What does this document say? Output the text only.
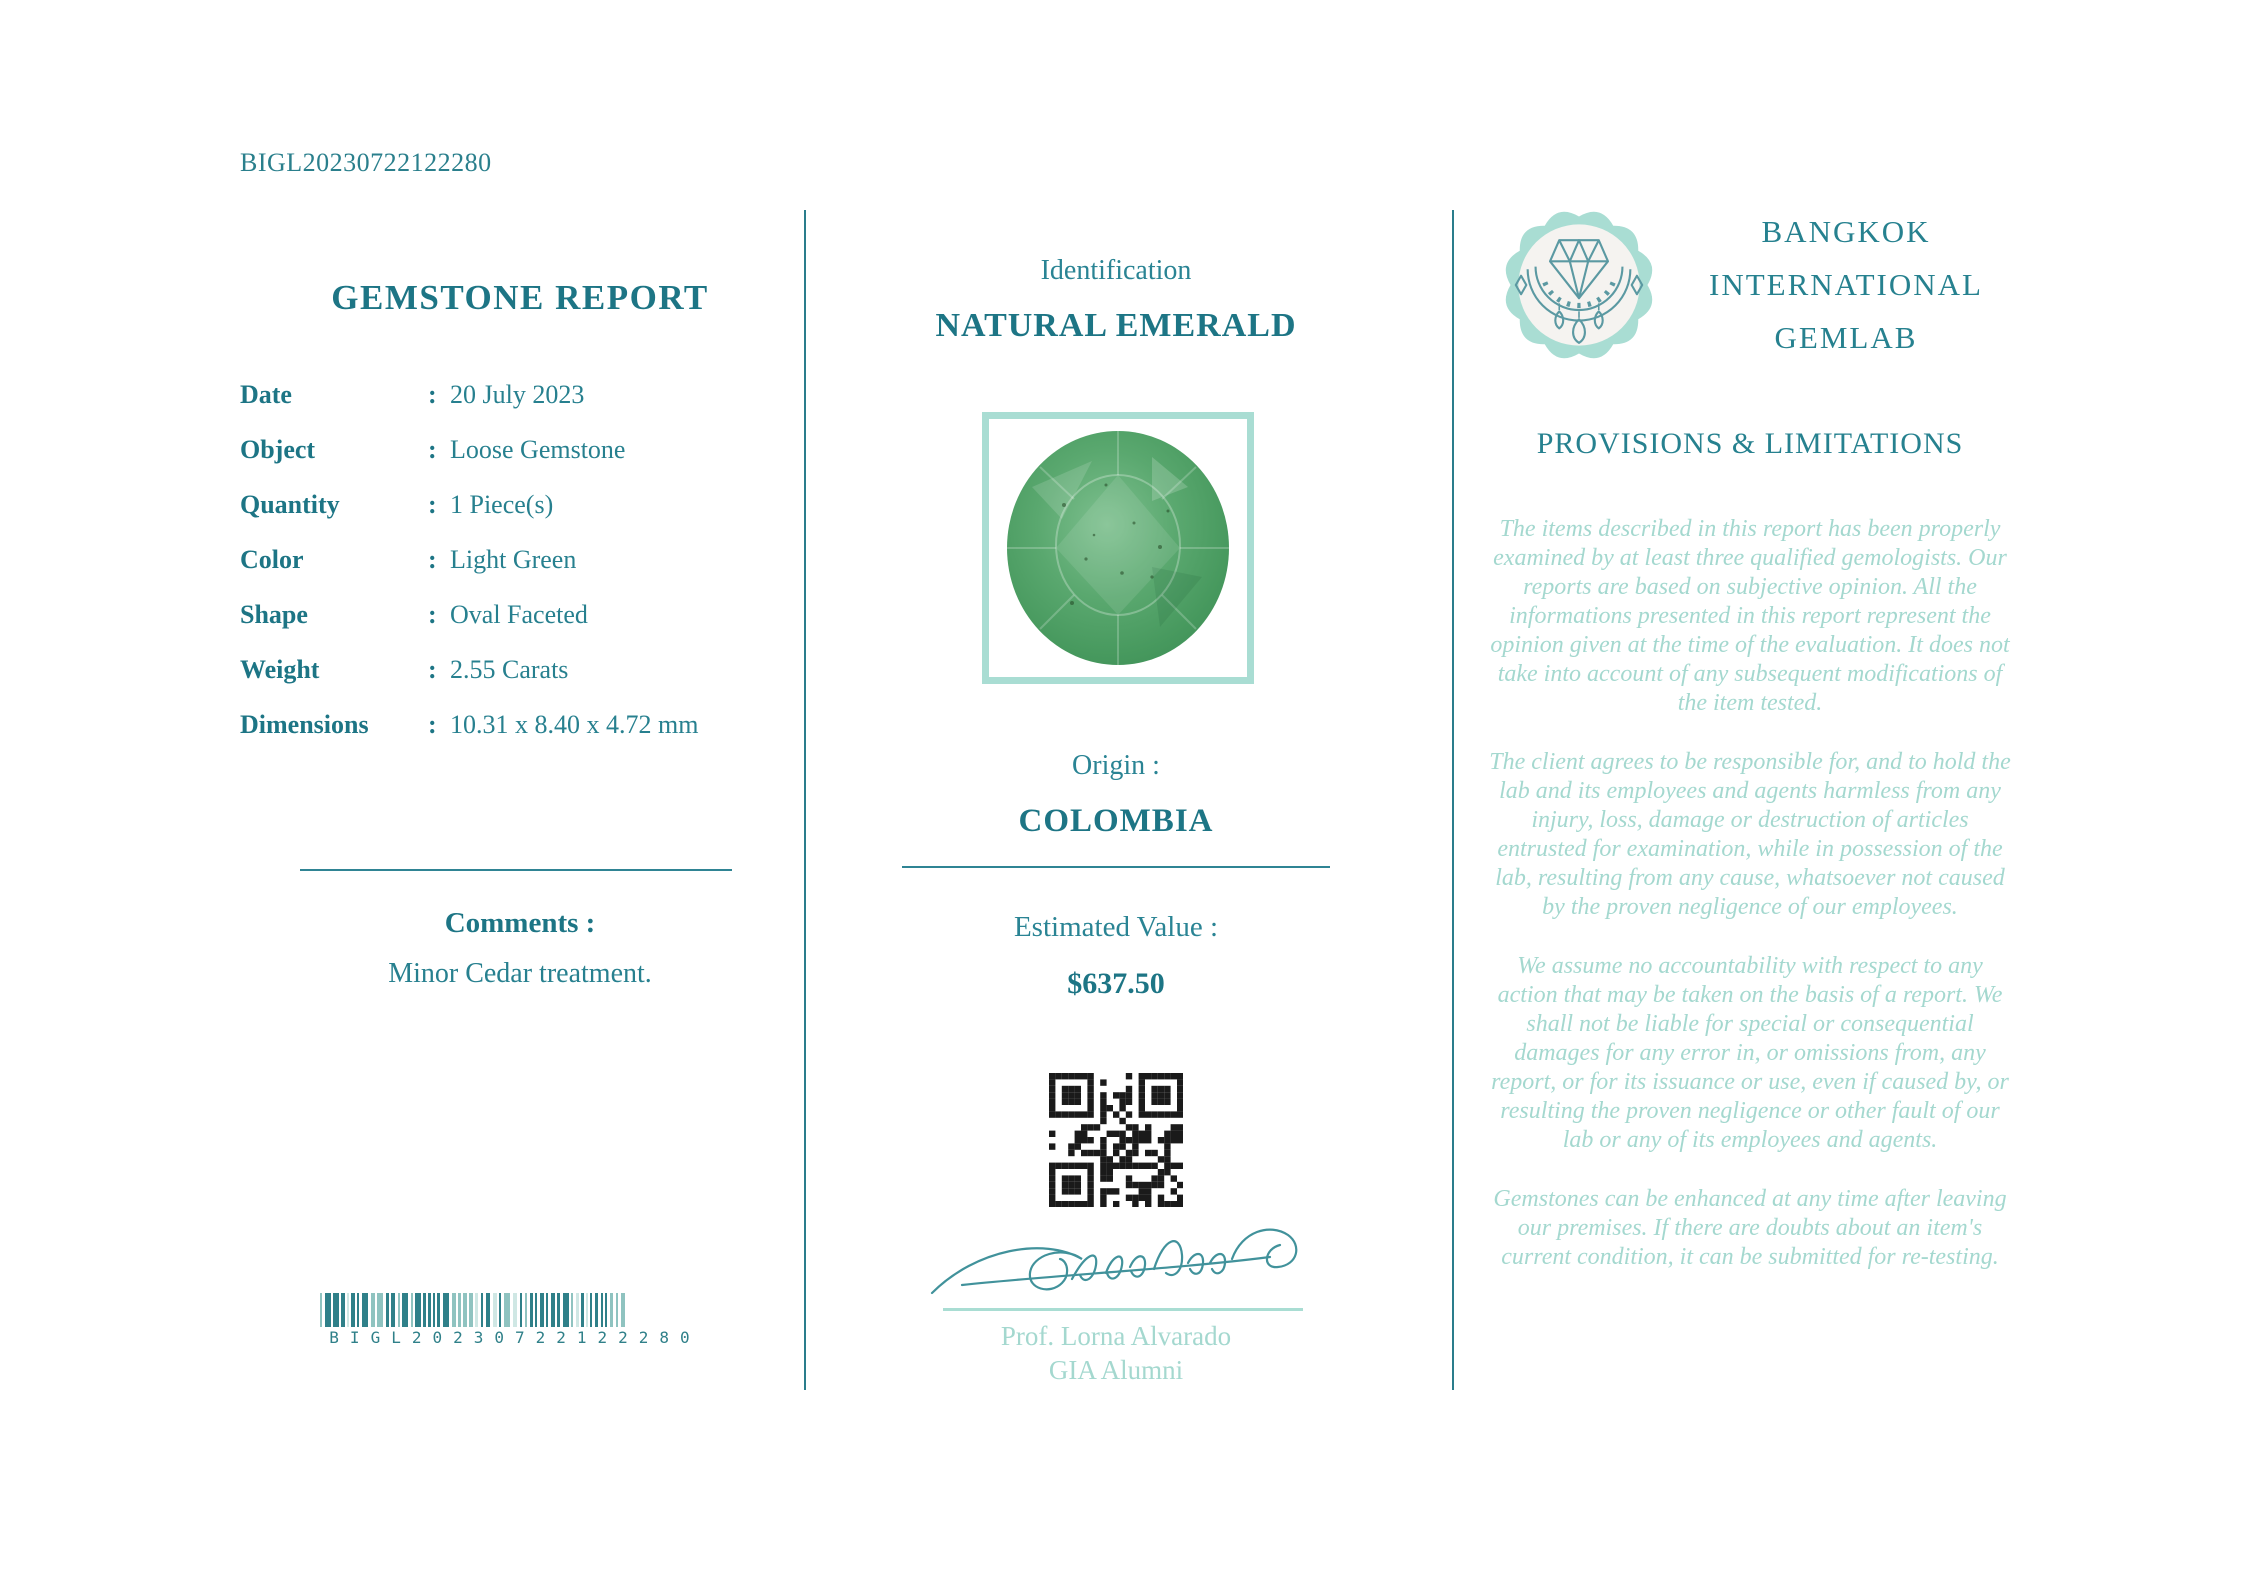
BIGL20230722122280
GEMSTONE REPORT
Date	: 20 July 2023
Object	: Loose Gemstone
Quantity	: 1 Piece(s)
Color	: Light Green
Shape	: Oval Faceted
Weight	: 2.55 Carats
Dimensions	: 10.31 x 8.40 x 4.72 mm
Comments :
Minor Cedar treatment.
BIGL20230722122280
Identification
NATURAL EMERALD
Origin :
COLOMBIA
Estimated Value :
$637.50
Prof. Lorna Alvarado
GIA Alumni
BANGKOK
INTERNATIONAL
GEMLAB
PROVISIONS & LIMITATIONS

The items described in this report has been properly examined by at least three qualified gemologists. Our reports are based on subjective opinion. All the informations presented in this report represent the opinion given at the time of the evaluation. It does not take into account of any subsequent modifications of the item tested.

The client agrees to be responsible for, and to hold the lab and its employees and agents harmless from any injury, loss, damage or destruction of articles entrusted for examination, while in possession of the lab, resulting from any cause, whatsoever not caused by the proven negligence of our employees.

We assume no accountability with respect to any action that may be taken on the basis of a report. We shall not be liable for special or consequential damages for any error in, or omissions from, any report, or for its issuance or use, even if caused by, or resulting the proven negligence or other fault of our lab or any of its employees and agents.

Gemstones can be enhanced at any time after leaving our premises. If there are doubts about an item's current condition, it can be submitted for re-testing.
